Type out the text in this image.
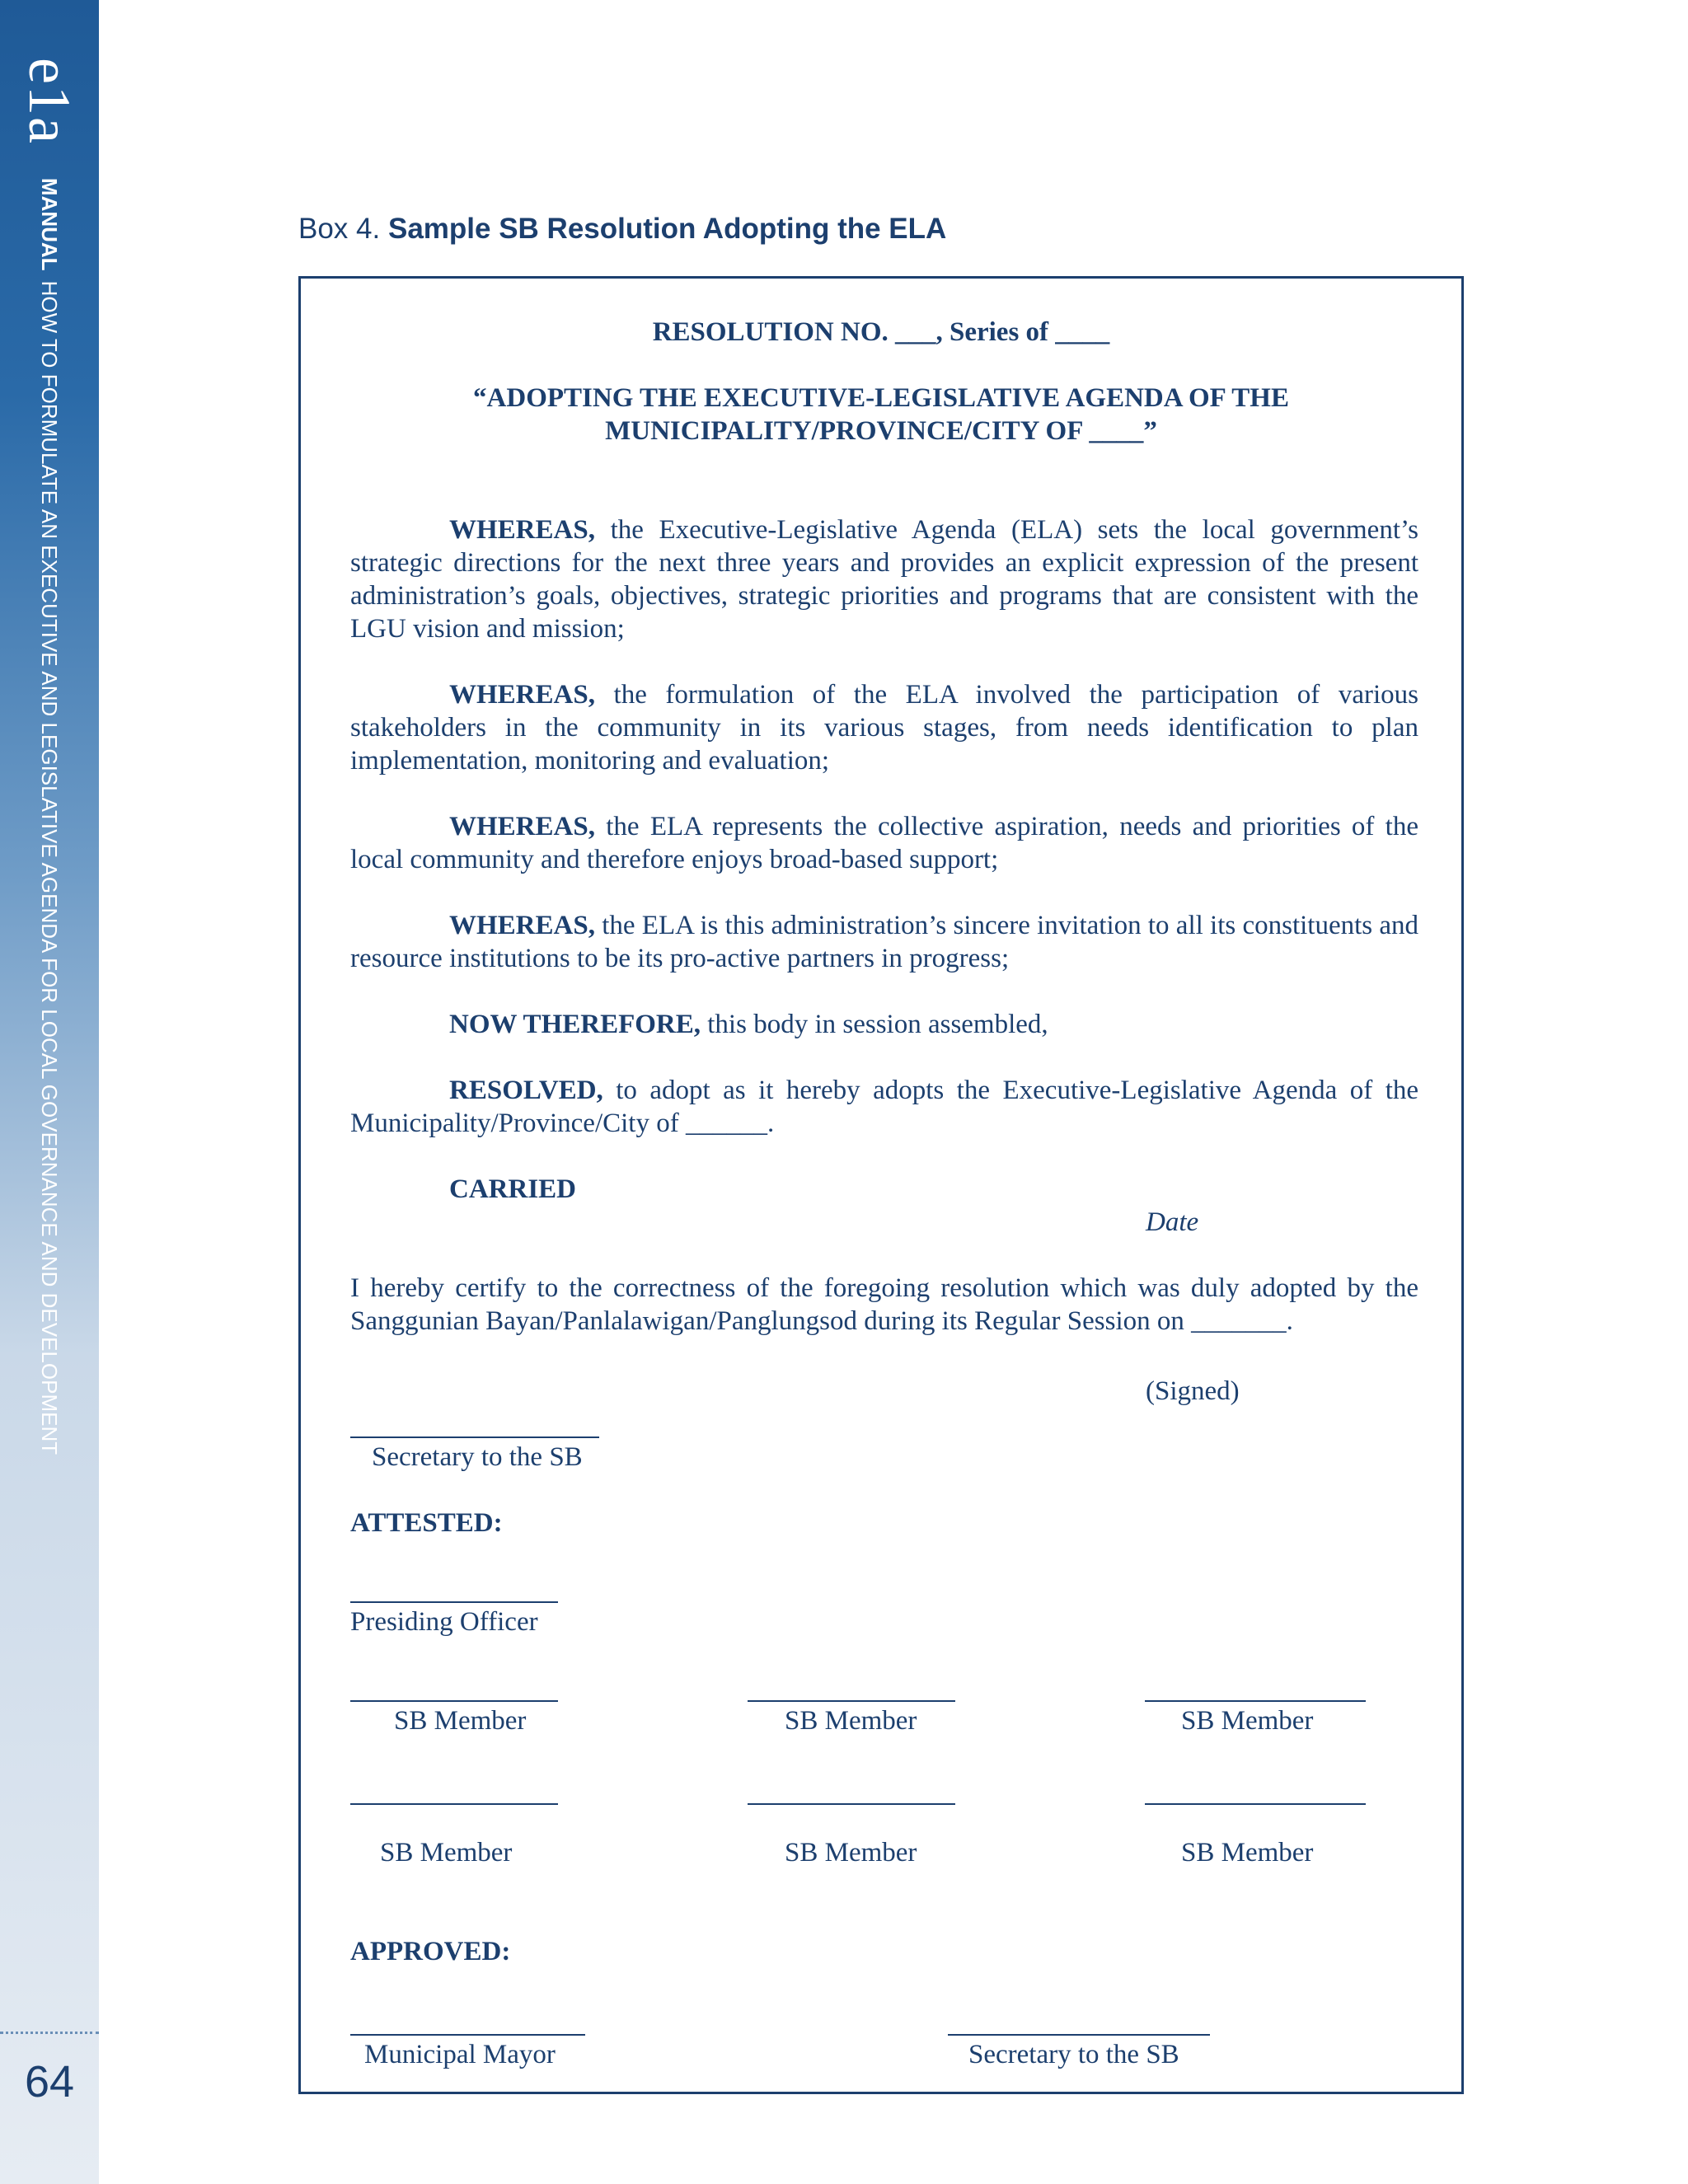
e1a
MANUAL
HOW TO FORMULATE AN EXECUTIVE AND LEGISLATIVE AGENDA FOR LOCAL GOVERNANCE AND DEVELOPMENT
64
Box 4. Sample SB Resolution Adopting the ELA
RESOLUTION NO. ___, Series of ____
“ADOPTING THE EXECUTIVE-LEGISLATIVE AGENDA OF THE
MUNICIPALITY/PROVINCE/CITY OF ____”
WHEREAS, the Executive-Legislative Agenda (ELA) sets the local government’s strategic directions for the next three years and provides an explicit expression of the present administration’s goals, objectives, strategic priorities and programs that are consistent with the LGU vision and mission;
WHEREAS, the formulation of the ELA involved the participation of various stakeholders in the community in its various stages, from needs identification to plan implementation, monitoring and evaluation;
WHEREAS, the ELA represents the collective aspiration, needs and priorities of the local community and therefore enjoys broad-based support;
WHEREAS, the ELA is this administration’s sincere invitation to all its constituents and resource institutions to be its pro-active partners in progress;
NOW THEREFORE, this body in session assembled,
RESOLVED, to adopt as it hereby adopts the Executive-Legislative Agenda of the Municipality/Province/City of ______.
CARRIED
Date
I hereby certify to the correctness of the foregoing resolution which was duly adopted by the Sanggunian Bayan/Panlalawigan/Panglungsod during its Regular Session on _______.
(Signed)
Secretary to the SB
ATTESTED:
Presiding Officer
SB Member	SB Member	SB Member
SB Member	SB Member	SB Member
APPROVED:
Municipal Mayor	Secretary to the SB
